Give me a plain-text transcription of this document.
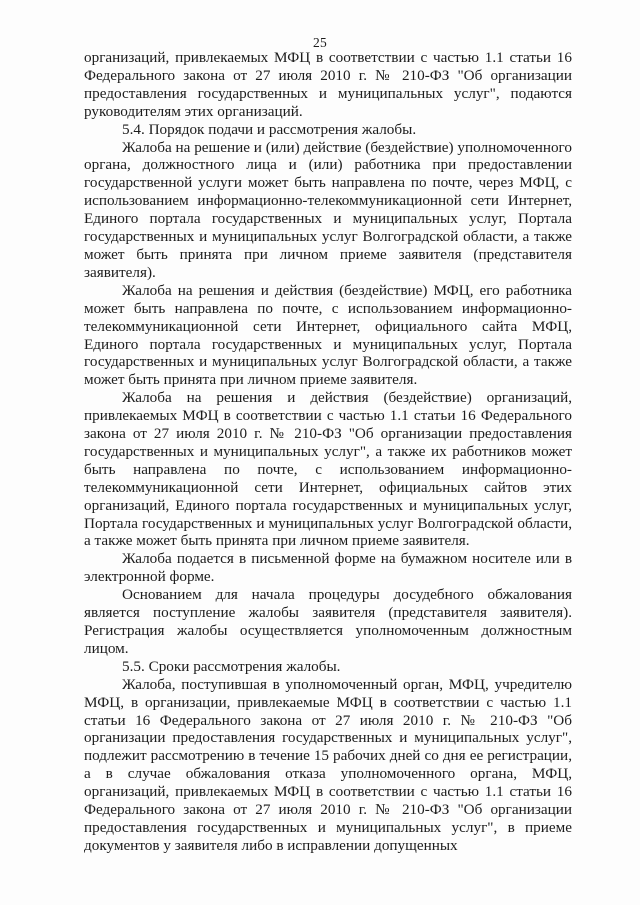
25

организаций, привлекаемых МФЦ в соответствии с частью 1.1 статьи 16 Федерального закона от 27 июля 2010 г. № 210-ФЗ "Об организации предоставления государственных и муниципальных услуг", подаются руководителям этих организаций.

5.4. Порядок подачи и рассмотрения жалобы.

Жалоба на решение и (или) действие (бездействие) уполномоченного органа, должностного лица и (или) работника при предоставлении государственной услуги может быть направлена по почте, через МФЦ, с использованием информационно-телекоммуникационной сети Интернет, Единого портала государственных и муниципальных услуг, Портала государственных и муниципальных услуг Волгоградской области, а также может быть принята при личном приеме заявителя (представителя заявителя).

Жалоба на решения и действия (бездействие) МФЦ, его работника может быть направлена по почте, с использованием информационно-телекоммуникационной сети Интернет, официального сайта МФЦ, Единого портала государственных и муниципальных услуг, Портала государственных и муниципальных услуг Волгоградской области, а также может быть принята при личном приеме заявителя.

Жалоба на решения и действия (бездействие) организаций, привлекаемых МФЦ в соответствии с частью 1.1 статьи 16 Федерального закона от 27 июля 2010 г. № 210-ФЗ "Об организации предоставления государственных и муниципальных услуг", а также их работников может быть направлена по почте, с использованием информационно-телекоммуникационной сети Интернет, официальных сайтов этих организаций, Единого портала государственных и муниципальных услуг, Портала государственных и муниципальных услуг Волгоградской области, а также может быть принята при личном приеме заявителя.

Жалоба подается в письменной форме на бумажном носителе или в электронной форме.

Основанием для начала процедуры досудебного обжалования является поступление жалобы заявителя (представителя заявителя). Регистрация жалобы осуществляется уполномоченным должностным лицом.

5.5. Сроки рассмотрения жалобы.

Жалоба, поступившая в уполномоченный орган, МФЦ, учредителю МФЦ, в организации, привлекаемые МФЦ в соответствии с частью 1.1 статьи 16 Федерального закона от 27 июля 2010 г. № 210-ФЗ "Об организации предоставления государственных и муниципальных услуг", подлежит рассмотрению в течение 15 рабочих дней со дня ее регистрации, а в случае обжалования отказа уполномоченного органа, МФЦ, организаций, привлекаемых МФЦ в соответствии с частью 1.1 статьи 16 Федерального закона от 27 июля 2010 г. № 210-ФЗ "Об организации предоставления государственных и муниципальных услуг", в приеме документов у заявителя либо в исправлении допущенных
